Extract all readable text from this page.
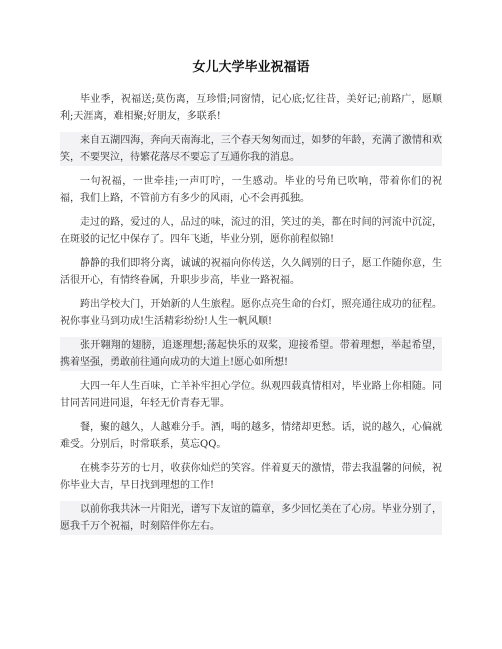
女儿大学毕业祝福语

毕业季，祝福送;莫伤离，互珍惜;同窗情，记心底;忆往昔，美好记;前路广，愿顺利;天涯离，难相聚;好朋友，多联系!

来自五湖四海，奔向天南海北，三个春天匆匆而过，如梦的年龄，充满了激情和欢笑，不要哭泣，待繁花落尽不要忘了互通你我的消息。

一句祝福，一世牵挂;一声叮咛，一生感动。毕业的号角已吹响，带着你们的祝福，我们上路，不管前方有多少的风雨，心不会再孤独。

走过的路，爱过的人，品过的味，流过的泪，笑过的美，都在时间的河流中沉淀，在斑驳的记忆中保存了。四年飞逝，毕业分别，愿你前程似锦!

静静的我们即将分离，诚诚的祝福向你传送，久久阔别的日子，愿工作随你意，生活很开心，有情终眷属，升职步步高，毕业一路祝福。

跨出学校大门，开始新的人生旅程。愿你点亮生命的台灯，照亮通往成功的征程。祝你事业马到功成!生活精彩纷纷!人生一帆风顺!

张开翱翔的翅膀，追逐理想;荡起快乐的双桨，迎接希望。带着理想，举起希望，携着坚强，勇敢前往通向成功的大道上!愿心如所想!

大四一年人生百味，亡羊补牢担心学位。纵观四载真情相对，毕业路上你相随。同甘同苦同进同退，年轻无价青春无罪。

餐，聚的越久，人越难分手。酒，喝的越多，情绪却更愁。话，说的越久，心偏就难受。分别后，时常联系，莫忘QQ。

在桃李芬芳的七月，收获你灿烂的笑容。伴着夏天的激情，带去我温馨的问候，祝你毕业大吉，早日找到理想的工作!

以前你我共沐一片阳光，谱写下友谊的篇章，多少回忆美在了心房。毕业分别了，愿我千万个祝福，时刻陪伴你左右。
